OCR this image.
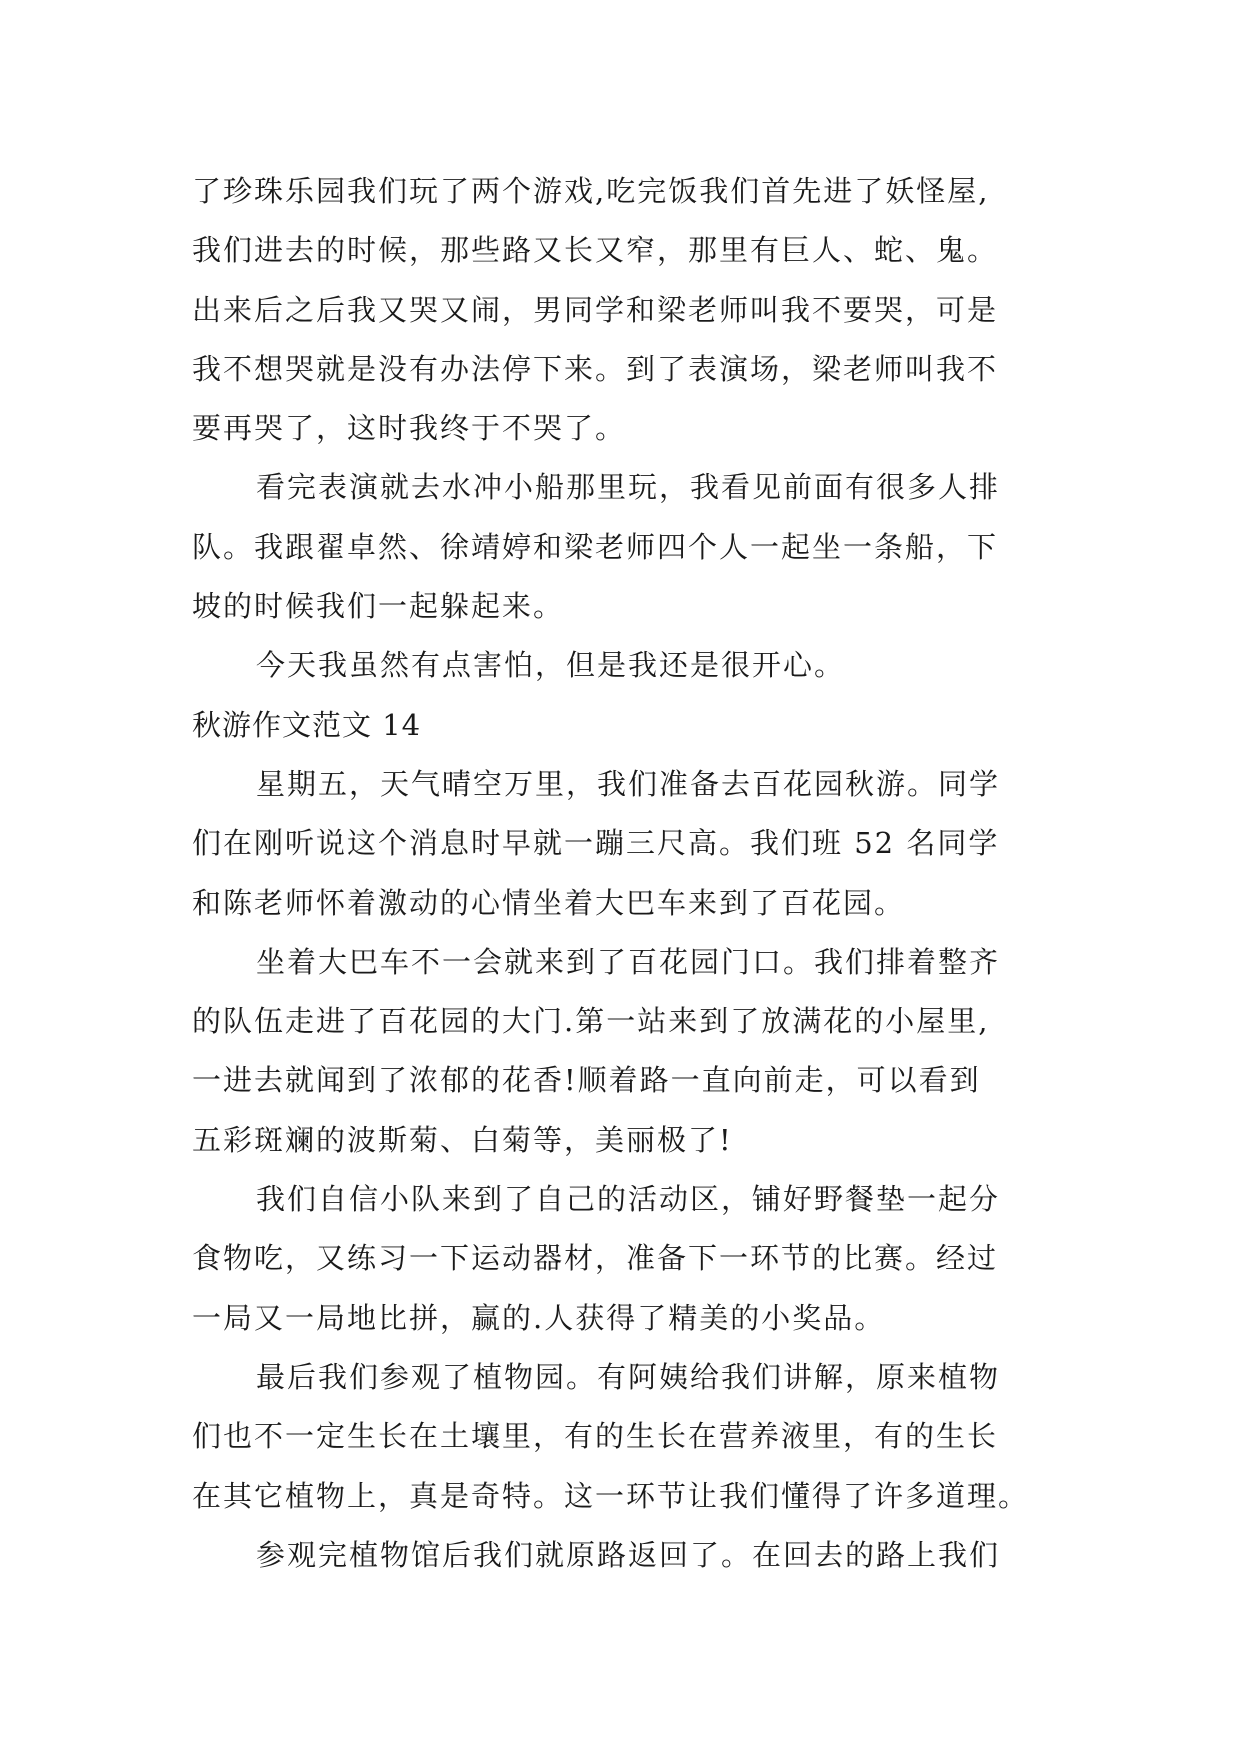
了珍珠乐园我们玩了两个游戏,吃完饭我们首先进了妖怪屋,
我们进去的时候，那些路又长又窄，那里有巨人、蛇、鬼。
出来后之后我又哭又闹，男同学和梁老师叫我不要哭，可是
我不想哭就是没有办法停下来。到了表演场，梁老师叫我不
要再哭了，这时我终于不哭了。
看完表演就去水冲小船那里玩，我看见前面有很多人排
队。我跟翟卓然、徐靖婷和梁老师四个人一起坐一条船，下
坡的时候我们一起躲起来。
今天我虽然有点害怕，但是我还是很开心。
秋游作文范文 14
星期五，天气晴空万里，我们准备去百花园秋游。同学
们在刚听说这个消息时早就一蹦三尺高。我们班 52 名同学
和陈老师怀着激动的心情坐着大巴车来到了百花园。
坐着大巴车不一会就来到了百花园门口。我们排着整齐
的队伍走进了百花园的大门.第一站来到了放满花的小屋里,
一进去就闻到了浓郁的花香!顺着路一直向前走，可以看到
五彩斑斓的波斯菊、白菊等，美丽极了!
我们自信小队来到了自己的活动区，铺好野餐垫一起分
食物吃，又练习一下运动器材，准备下一环节的比赛。经过
一局又一局地比拼，赢的.人获得了精美的小奖品。
最后我们参观了植物园。有阿姨给我们讲解，原来植物
们也不一定生长在土壤里，有的生长在营养液里，有的生长
在其它植物上，真是奇特。这一环节让我们懂得了许多道理。
参观完植物馆后我们就原路返回了。在回去的路上我们
